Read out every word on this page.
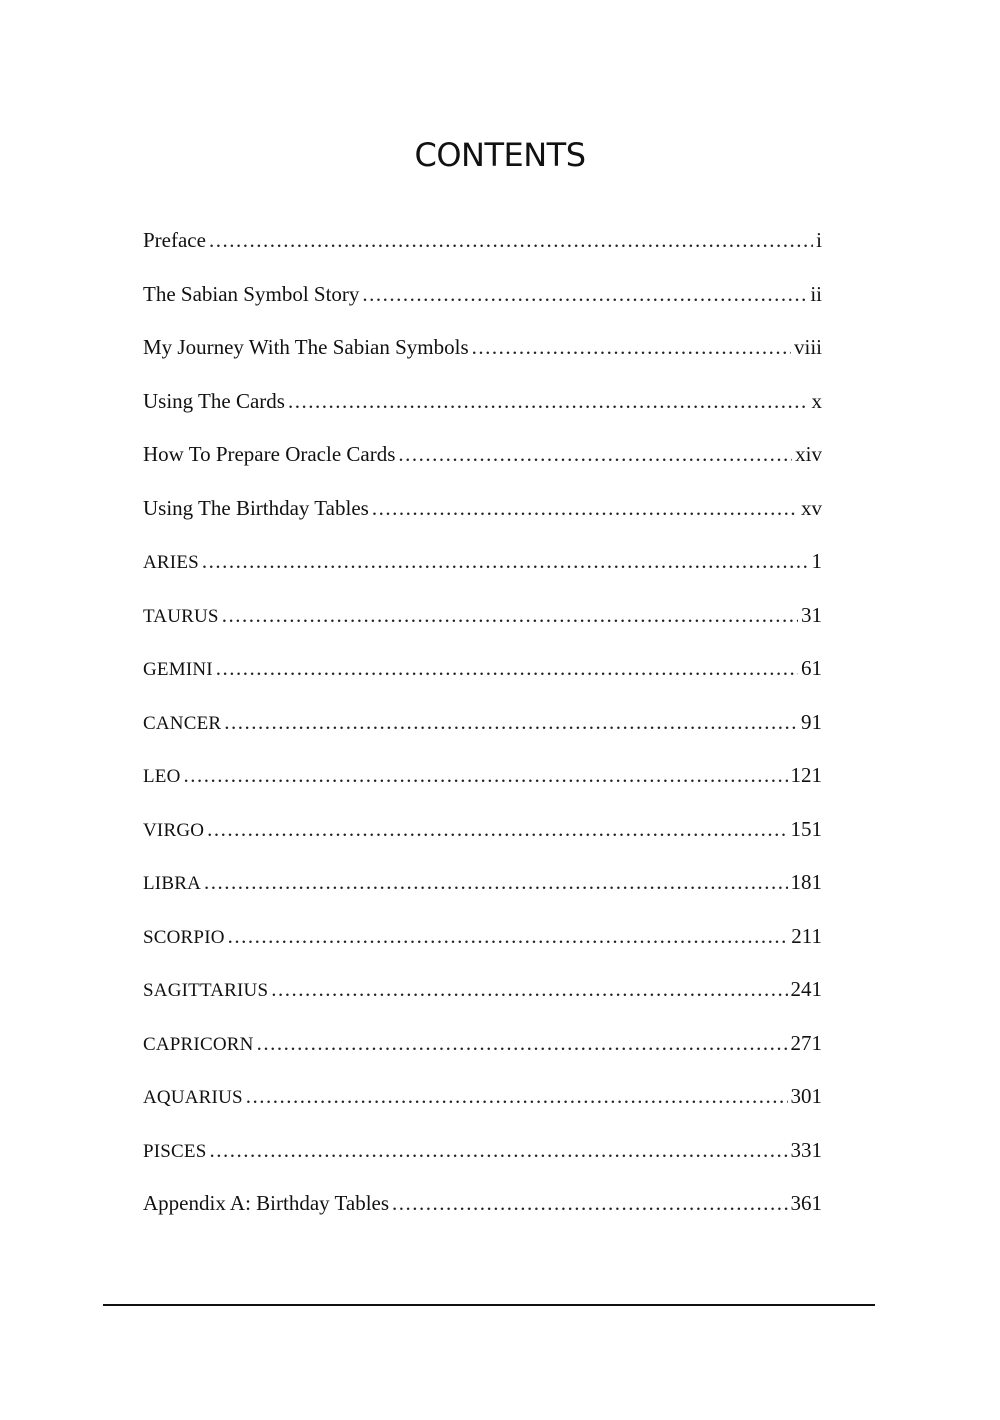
CONTENTS
Preface .....	i
The Sabian Symbol Story .....	ii
My Journey With The Sabian Symbols .....	viii
Using The Cards .....	x
How To Prepare Oracle Cards .....	xiv
Using The Birthday Tables .....	xv
ARIES .....	1
TAURUS .....	31
GEMINI .....	61
CANCER .....	91
LEO .....	121
VIRGO .....	151
LIBRA .....	181
SCORPIO .....	211
SAGITTARIUS .....	241
CAPRICORN .....	271
AQUARIUS .....	301
PISCES .....	331
Appendix A: Birthday Tables .....	361
